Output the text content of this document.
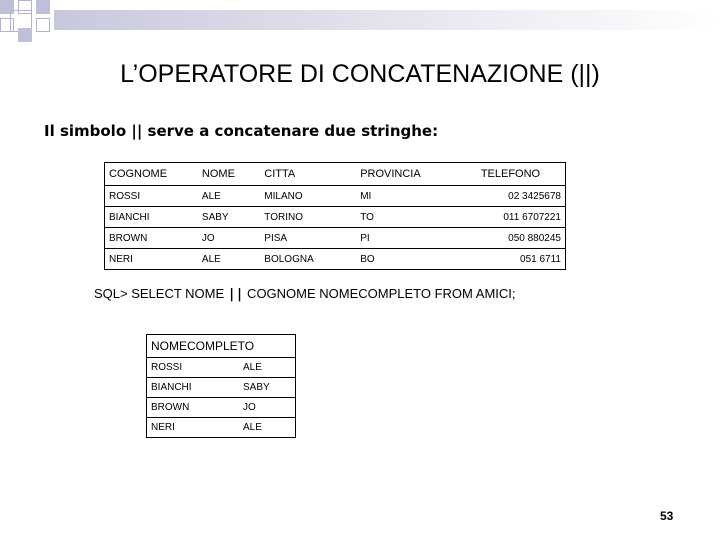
L’OPERATORE DI CONCATENAZIONE (||)
Il simbolo || serve a concatenare due stringhe:
COGNOME	NOME	CITTA	PROVINCIA	TELEFONO
ROSSI	ALE	MILANO	MI	02 3425678
BIANCHI	SABY	TORINO	TO	011 6707221
BROWN	JO	PISA	PI	050 880245
NERI	ALE	BOLOGNA	BO	051 6711
SQL> SELECT NOME || COGNOME NOMECOMPLETO FROM AMICI;
NOMECOMPLETO	
ROSSI	ALE
BIANCHI	SABY
BROWN	JO
NERI	ALE
53
